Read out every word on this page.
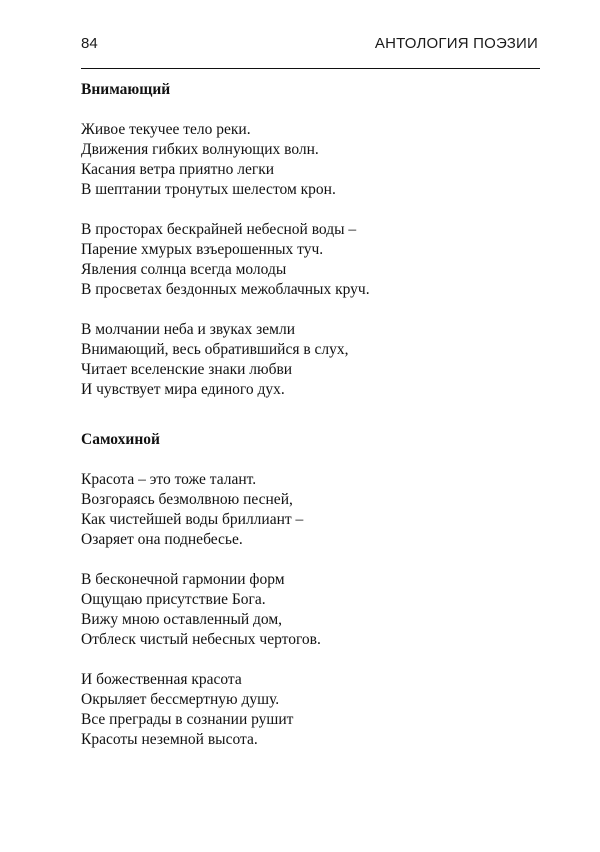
84	АНТОЛОГИЯ ПОЭЗИИ
Внимающий
Живое текучее тело реки.
Движения гибких волнующих волн.
Касания ветра приятно легки
В шептании тронутых шелестом крон.
В просторах бескрайней небесной воды –
Парение хмурых взъерошенных туч.
Явления солнца всегда молоды
В просветах бездонных межоблачных круч.
В молчании неба и звуках земли
Внимающий, весь обратившийся в слух,
Читает вселенские знаки любви
И чувствует мира единого дух.
Самохиной
Красота – это тоже талант.
Возгораясь безмолвною песней,
Как чистейшей воды бриллиант –
Озаряет она поднебесье.
В бесконечной гармонии форм
Ощущаю присутствие Бога.
Вижу мною оставленный дом,
Отблеск чистый небесных чертогов.
И божественная красота
Окрыляет бессмертную душу.
Все преграды в сознании рушит
Красоты неземной высота.
